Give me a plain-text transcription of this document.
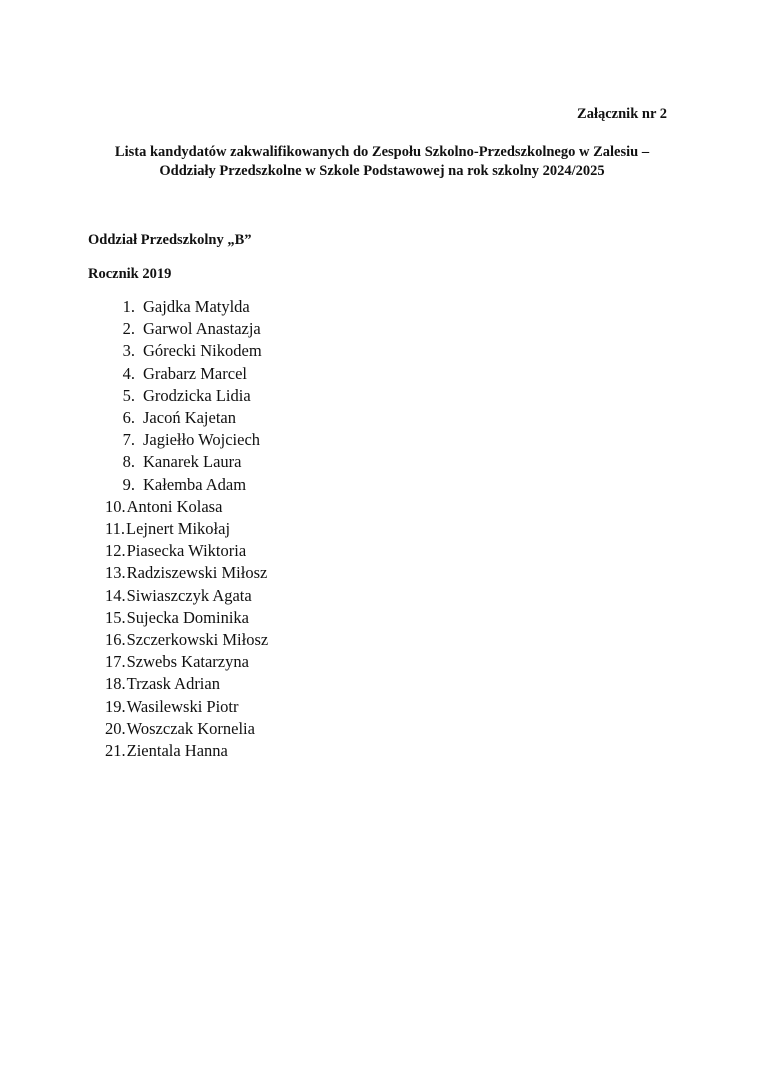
Załącznik nr 2
Lista kandydatów zakwalifikowanych do Zespołu Szkolno-Przedszkolnego w Zalesiu –
Oddziały Przedszkolne w Szkole Podstawowej na rok szkolny 2024/2025
Oddział Przedszkolny „B”
Rocznik 2019
1. Gajdka Matylda
2. Garwol Anastazja
3. Górecki Nikodem
4. Grabarz Marcel
5. Grodzicka Lidia
6. Jacoń Kajetan
7. Jagiełło Wojciech
8. Kanarek Laura
9. Kałemba Adam
10.Antoni Kolasa
11.Lejnert Mikołaj
12.Piasecka Wiktoria
13.Radziszewski Miłosz
14.Siwiaszczyk Agata
15.Sujecka Dominika
16.Szczerkowski Miłosz
17.Szwebs Katarzyna
18.Trzask Adrian
19.Wasilewski Piotr
20.Woszczak Kornelia
21.Zientala Hanna
